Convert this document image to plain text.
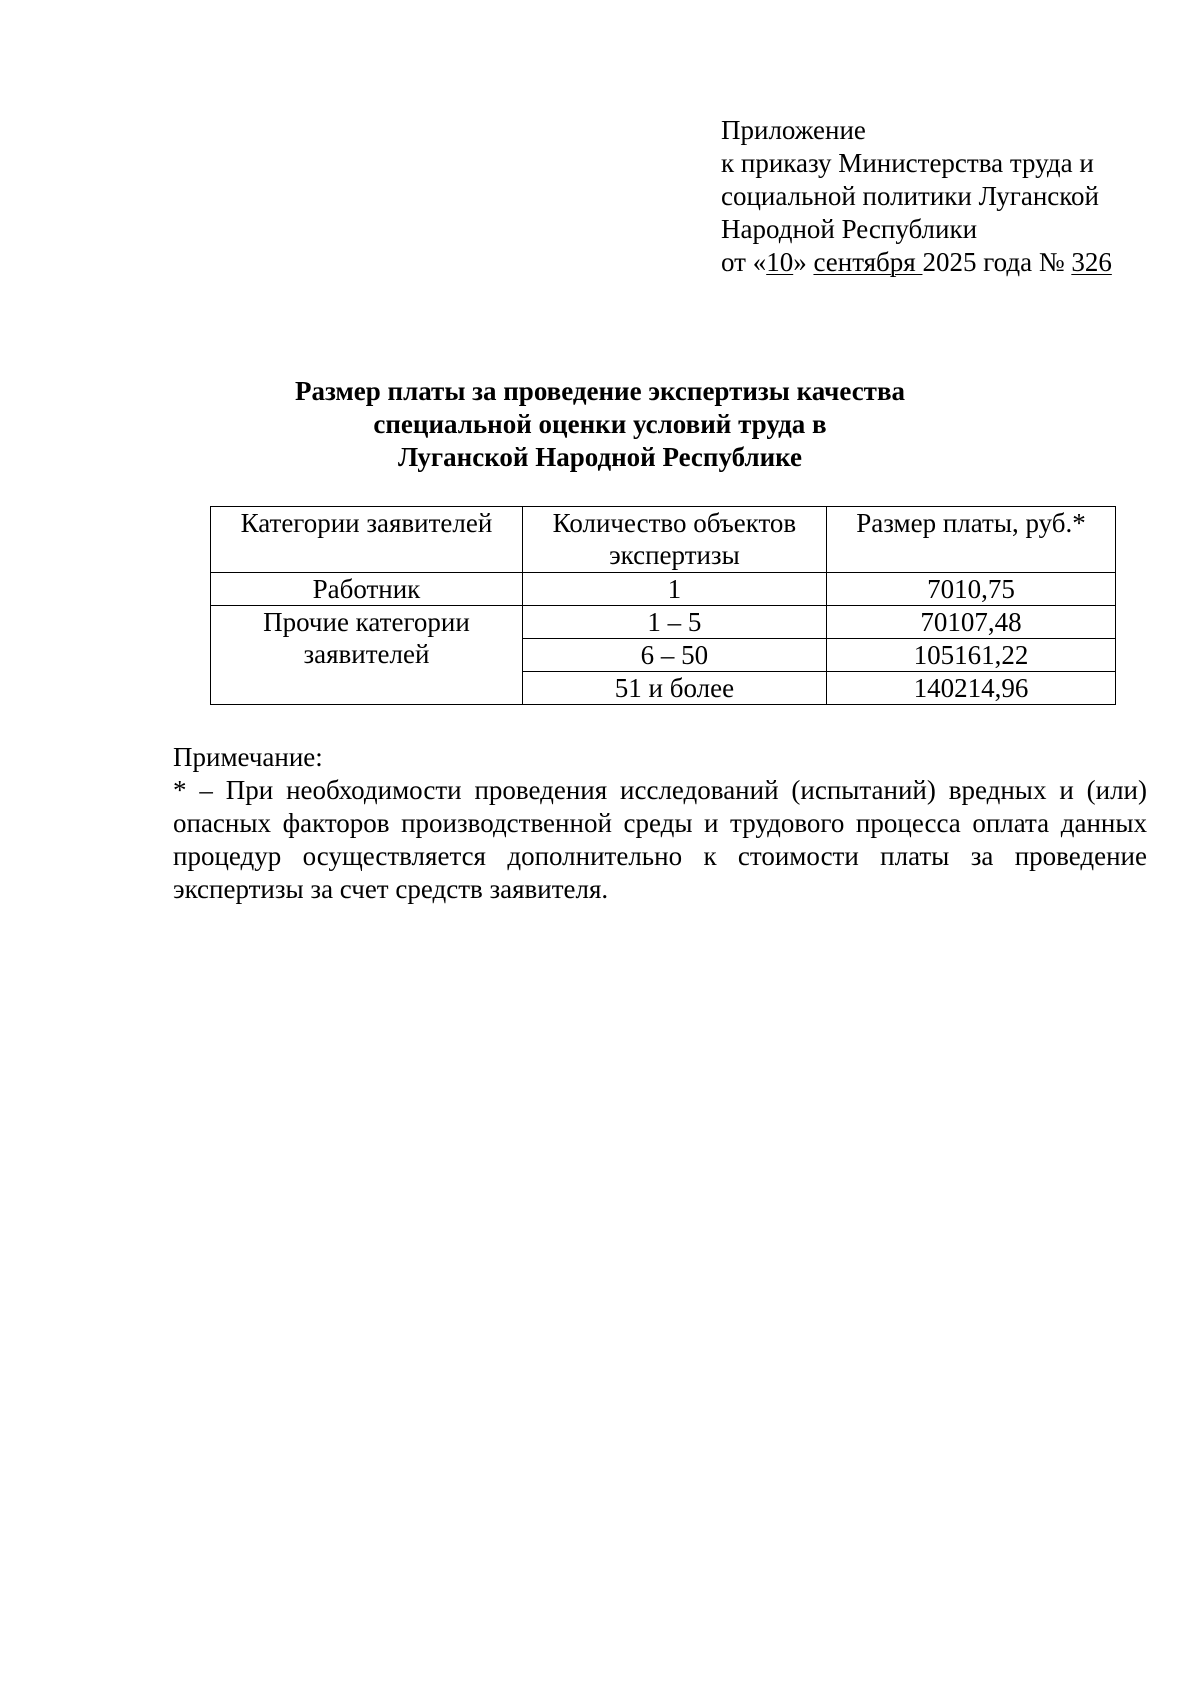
Приложение
к приказу Министерства труда и
социальной политики Луганской
Народной Республики
от «10» сентября 2025 года № 326
Размер платы за проведение экспертизы качества
специальной оценки условий труда в
Луганской Народной Республике
Категории заявителей	Количество объектов экспертизы	Размер платы, руб.*
Работник	1	7010,75
Прочие категории заявителей	1 – 5	70107,48
	6 – 50	105161,22
	51 и более	140214,96
Примечание:
* – При необходимости проведения исследований (испытаний) вредных и (или) опасных факторов производственной среды и трудового процесса оплата данных процедур осуществляется дополнительно к стоимости платы за проведение экспертизы за счет средств заявителя.
